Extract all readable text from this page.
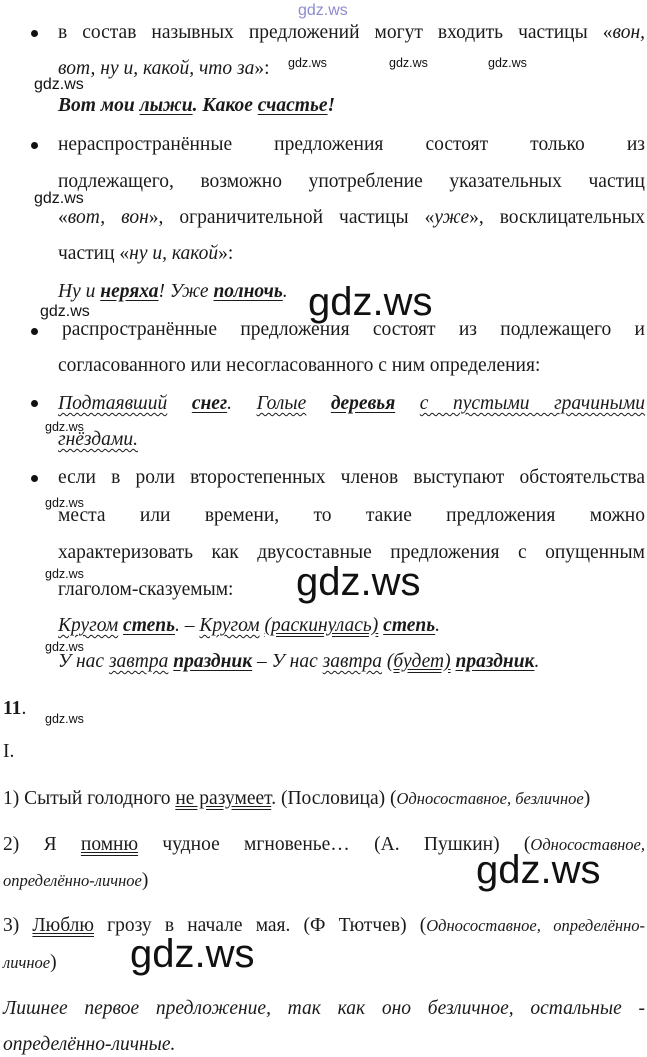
gdz.ws
в состав назывных предложений могут входить частицы «вон,
вот, ну и, какой, что за»: gdz.ws	gdz.ws	gdz.ws
gdz.ws
Вот мои лыжи. Какое счастье!
нераспространённые предложения состоят только из
подлежащего, возможно употребление указательных частиц
gdz.ws
«вот, вон», ограничительной частицы «уже», восклицательных
частиц «ну и, какой»:
Ну и неряха! Уже полночь. gdz.ws
gdz.ws
распространённые предложения состоят из подлежащего и
согласованного или несогласованного с ним определения:
Подтаявший снег. Голые деревья с пустыми грачиными
gdz.ws
гнёздами.
если в роли второстепенных членов выступают обстоятельства
gdz.ws
места или времени, то такие предложения можно
характеризовать как двусоставные предложения с опущенным
gdz.ws
глаголом-сказуемым: gdz.ws
Кругом степь. – Кругом (раскинулась) степь.
gdz.ws
У нас завтра праздник – У нас завтра (будет) праздник.
11. gdz.ws
I.
1) Сытый голодного не разумеет. (Пословица) (Односоставное, безличное)
2) Я помню чудное мгновенье… (А. Пушкин) (Односоставное,
определённо-личное)	gdz.ws
3) Люблю грозу в начале мая. (Ф Тютчев) (Односоставное, определённо-
личное) gdz.ws
Лишнее первое предложение, так как оно безличное, остальные -
определённо-личные.
